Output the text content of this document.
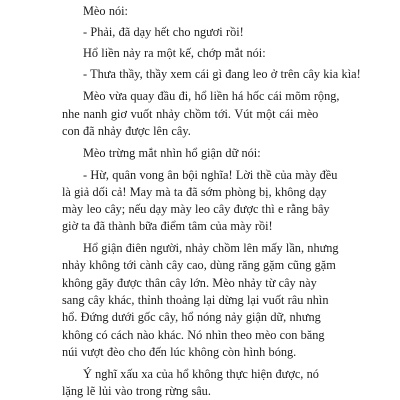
Mèo nói:
- Phải, đã dạy hết cho ngươi rồi!
Hổ liền nảy ra một kế, chớp mắt nói:
- Thưa thầy, thầy xem cái gì đang leo ở trên cây kia kìa!
Mèo vừa quay đầu đi, hổ liền há hốc cái mõm rộng,
nhe nanh giơ vuốt nhảy chồm tới. Vút một cái mèo
con đã nhảy được lên cây.
Mèo trừng mắt nhìn hổ giận dữ nói:
- Hừ, quân vong ân bội nghĩa! Lời thề của mày đều
là giả dối cả! May mà ta đã sớm phòng bị, không dạy
mày leo cây; nếu dạy mày leo cây được thì e rằng bây
giờ ta đã thành bữa điểm tâm của mày rồi!
Hổ giận điên người, nhảy chồm lên mấy lần, nhưng
nhảy không tới cành cây cao, dùng răng gặm cũng gặm
không gãy được thân cây lớn. Mèo nhảy từ cây này
sang cây khác, thỉnh thoảng lại dừng lại vuốt râu nhìn
hổ. Đứng dưới gốc cây, hổ nóng nảy giận dữ, nhưng
không có cách nào khác. Nó nhìn theo mèo con băng
núi vượt đèo cho đến lúc không còn hình bóng.
Ý nghĩ xấu xa của hổ không thực hiện được, nó
lặng lẽ lủi vào trong rừng sâu.
